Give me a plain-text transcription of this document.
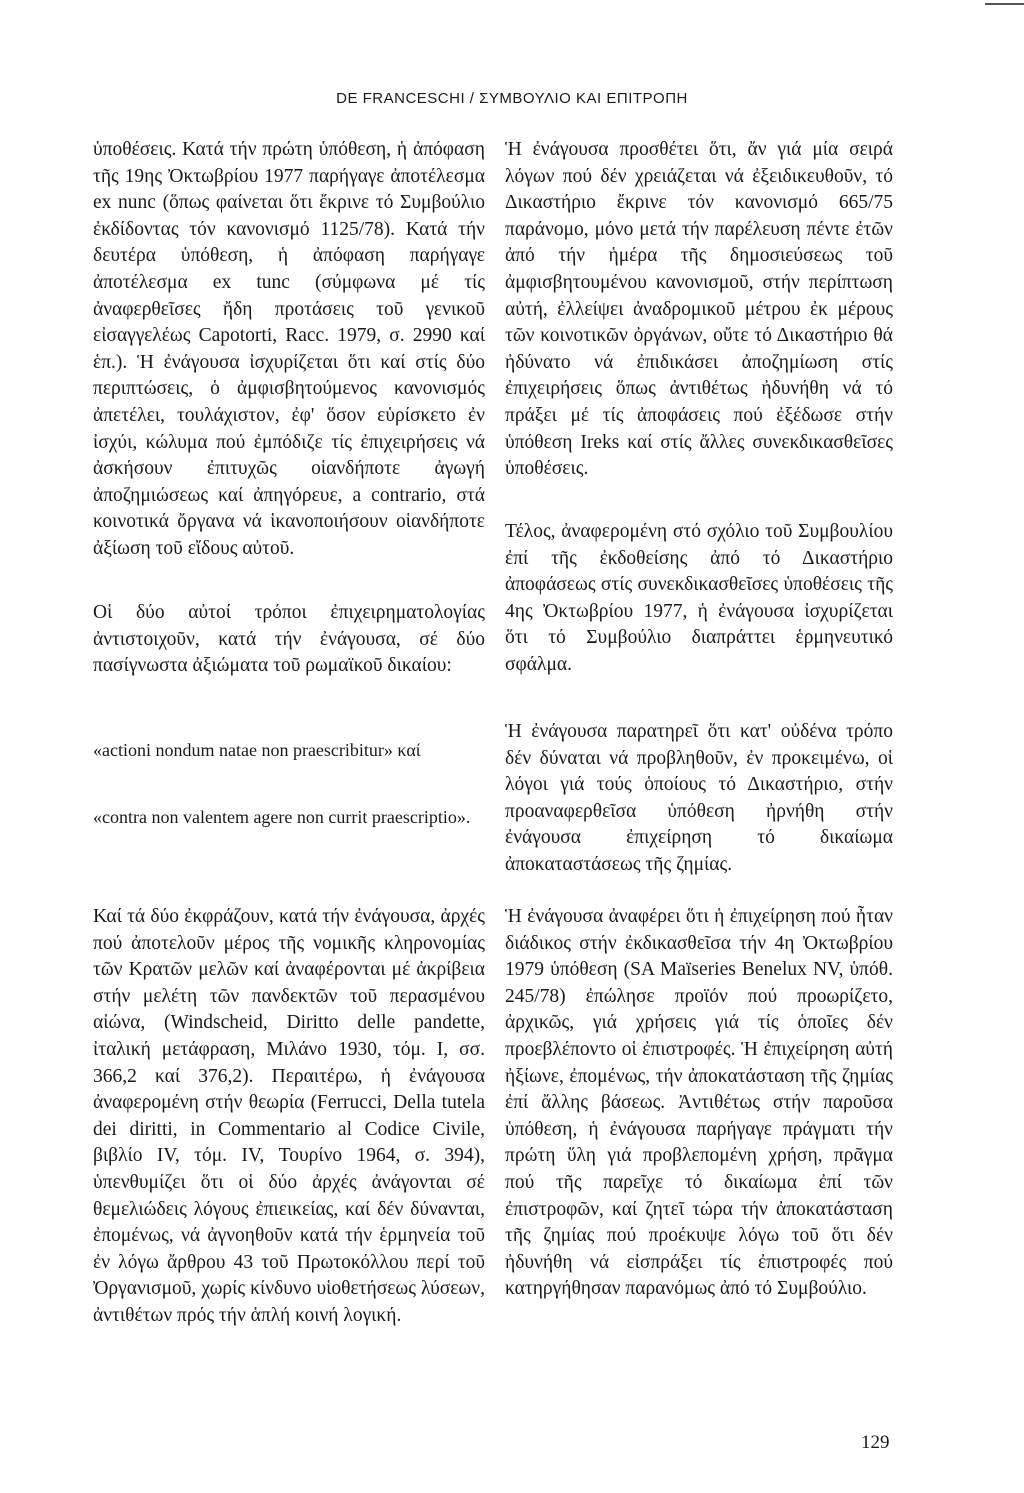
DE FRANCESCHI / ΣΥΜΒΟΥΛΙΟ ΚΑΙ ΕΠΙΤΡΟΠΗ

ὑποθέσεις. Κατά τήν πρώτη ὑπόθεση, ἡ ἀπόφαση τῆς 19ης Ὀκτωβρίου 1977 παρήγαγε ἀποτέλεσμα ex nunc (ὅπως φαίνεται ὅτι ἔκρινε τό Συμβούλιο ἐκδίδοντας τόν κανονισμό 1125/78). Κατά τήν δευτέρα ὑπόθεση, ἡ ἀπόφαση παρήγαγε ἀποτέλεσμα ex tunc (σύμφωνα μέ τίς ἀναφερθεῖσες ἤδη προτάσεις τοῦ γενικοῦ εἰσαγγελέως Capotorti, Racc. 1979, σ. 2990 καί ἑπ.). Ἡ ἐνάγουσα ἰσχυρίζεται ὅτι καί στίς δύο περιπτώσεις, ὁ ἀμφισβητούμενος κανονισμός ἀπετέλει, τουλάχιστον, ἐφ' ὅσον εὑρίσκετο ἐν ἰσχύι, κώλυμα πού ἐμπόδιζε τίς ἐπιχειρήσεις νά ἀσκήσουν ἐπιτυχῶς οἱανδήποτε ἀγωγή ἀποζημιώσεως καί ἀπηγόρευε, a contrario, στά κοινοτικά ὄργανα νά ἱκανοποιήσουν οἱανδήποτε ἀξίωση τοῦ εἴδους αὐτοῦ.

Οἱ δύο αὐτοί τρόποι ἐπιχειρηματολογίας ἀντιστοιχοῦν, κατά τήν ἐνάγουσα, σέ δύο πασίγνωστα ἀξιώματα τοῦ ρωμαϊκοῦ δικαίου:

«actioni nondum natae non praescribitur» καί

«contra non valentem agere non currit praescriptio».

Καί τά δύο ἐκφράζουν, κατά τήν ἐνάγουσα, ἀρχές πού ἀποτελοῦν μέρος τῆς νομικῆς κληρονομίας τῶν Κρατῶν μελῶν καί ἀναφέρονται μέ ἀκρίβεια στήν μελέτη τῶν πανδεκτῶν τοῦ περασμένου αἰώνα, (Windscheid, Diritto delle pandette, ἰταλική μετάφραση, Μιλάνο 1930, τόμ. I, σσ. 366,2 καί 376,2). Περαιτέρω, ἡ ἐνάγουσα ἀναφερομένη στήν θεωρία (Ferrucci, Della tutela dei diritti, in Commentario al Codice Civile, βιβλίο IV, τόμ. IV, Τουρίνο 1964, σ. 394), ὑπενθυμίζει ὅτι οἱ δύο ἀρχές ἀνάγονται σέ θεμελιώδεις λόγους ἐπιεικείας, καί δέν δύνανται, ἐπομένως, νά ἀγνοηθοῦν κατά τήν ἑρμηνεία τοῦ ἐν λόγω ἄρθρου 43 τοῦ Πρωτοκόλλου περί τοῦ Ὀργανισμοῦ, χωρίς κίνδυνο υἱοθετήσεως λύσεων, ἀντιθέτων πρός τήν ἁπλή κοινή λογική.

Ἡ ἐνάγουσα προσθέτει ὅτι, ἄν γιά μία σειρά λόγων πού δέν χρειάζεται νά ἐξειδικευθοῦν, τό Δικαστήριο ἔκρινε τόν κανονισμό 665/75 παράνομο, μόνο μετά τήν παρέλευση πέντε ἐτῶν ἀπό τήν ἡμέρα τῆς δημοσιεύσεως τοῦ ἀμφισβητουμένου κανονισμοῦ, στήν περίπτωση αὐτή, ἐλλείψει ἀναδρομικοῦ μέτρου ἐκ μέρους τῶν κοινοτικῶν ὀργάνων, οὔτε τό Δικαστήριο θά ἠδύνατο νά ἐπιδικάσει ἀποζημίωση στίς ἐπιχειρήσεις ὅπως ἀντιθέτως ἠδυνήθη νά τό πράξει μέ τίς ἀποφάσεις πού ἐξέδωσε στήν ὑπόθεση Ireks καί στίς ἄλλες συνεκδικασθεῖσες ὑποθέσεις.

Τέλος, ἀναφερομένη στό σχόλιο τοῦ Συμβουλίου ἐπί τῆς ἐκδοθείσης ἀπό τό Δικαστήριο ἀποφάσεως στίς συνεκδικασθεῖσες ὑποθέσεις τῆς 4ης Ὀκτωβρίου 1977, ἡ ἐνάγουσα ἰσχυρίζεται ὅτι τό Συμβούλιο διαπράττει ἑρμηνευτικό σφάλμα.

Ἡ ἐνάγουσα παρατηρεῖ ὅτι κατ' οὐδένα τρόπο δέν δύναται νά προβληθοῦν, ἐν προκειμένω, οἱ λόγοι γιά τούς ὁποίους τό Δικαστήριο, στήν προαναφερθεῖσα ὑπόθεση ἠρνήθη στήν ἐνάγουσα ἐπιχείρηση τό δικαίωμα ἀποκαταστάσεως τῆς ζημίας.

Ἡ ἐνάγουσα ἀναφέρει ὅτι ἡ ἐπιχείρηση πού ἦταν διάδικος στήν ἐκδικασθεῖσα τήν 4η Ὀκτωβρίου 1979 ὑπόθεση (SA Maïseries Benelux NV, ὑπόθ. 245/78) ἐπώλησε προϊόν πού προωρίζετο, ἀρχικῶς, γιά χρήσεις γιά τίς ὁποῖες δέν προεβλέποντο οἱ ἐπιστροφές. Ἡ ἐπιχείρηση αὐτή ἠξίωνε, ἐπομένως, τήν ἀποκατάσταση τῆς ζημίας ἐπί ἄλλης βάσεως. Ἀντιθέτως στήν παροῦσα ὑπόθεση, ἡ ἐνάγουσα παρήγαγε πράγματι τήν πρώτη ὕλη γιά προβλεπομένη χρήση, πρᾶγμα πού τῆς παρεῖχε τό δικαίωμα ἐπί τῶν ἐπιστροφῶν, καί ζητεῖ τώρα τήν ἀποκατάσταση τῆς ζημίας πού προέκυψε λόγω τοῦ ὅτι δέν ἠδυνήθη νά εἰσπράξει τίς ἐπιστροφές πού κατηργήθησαν παρανόμως ἀπό τό Συμβούλιο.

129
